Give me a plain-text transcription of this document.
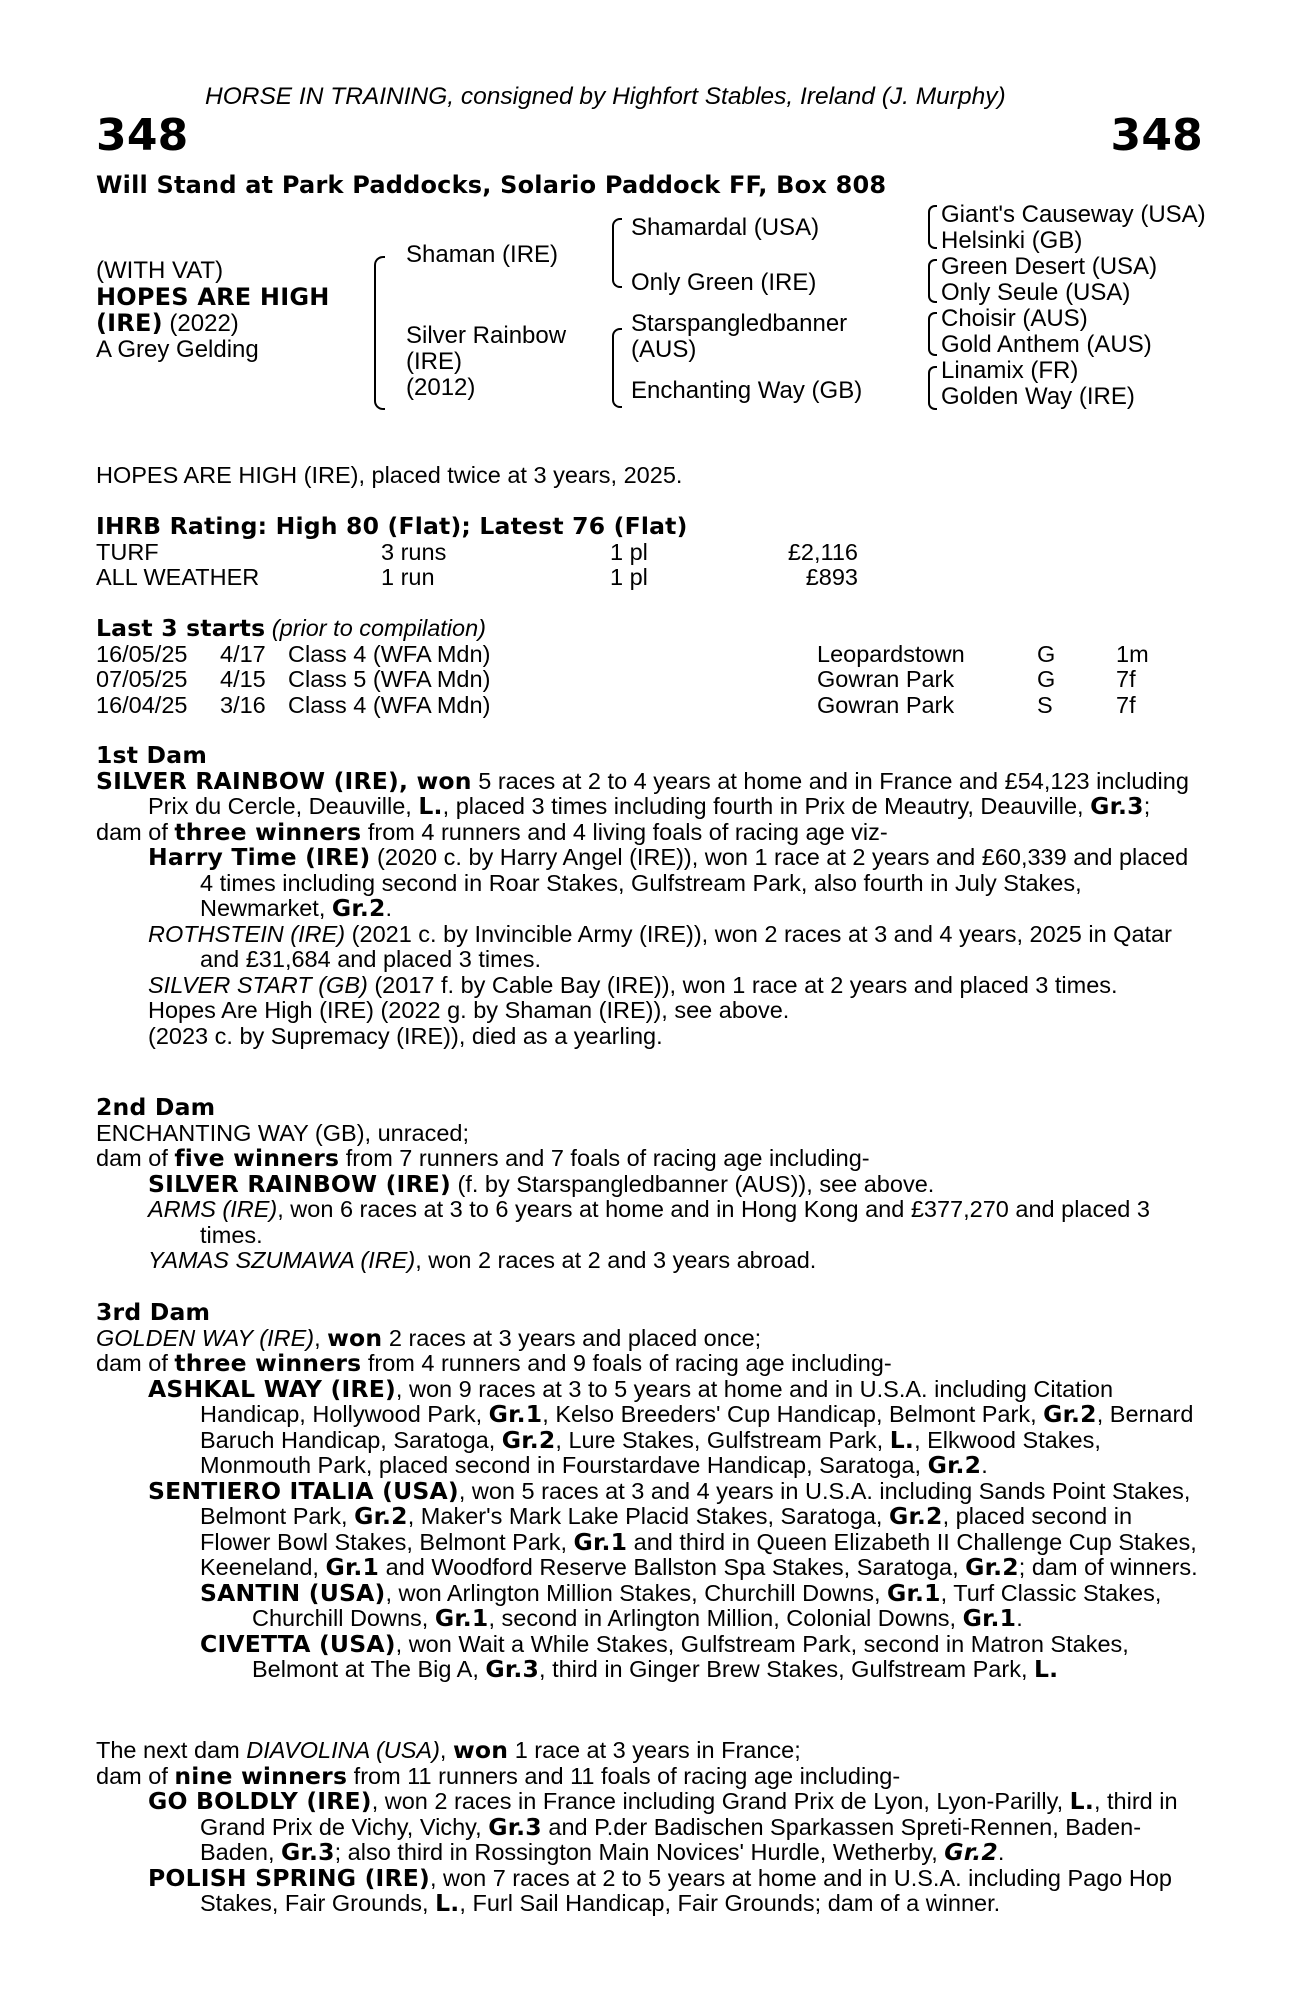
HORSE IN TRAINING, consigned by Highfort Stables, Ireland (J. Murphy)
348	348
Will Stand at Park Paddocks, Solario Paddock FF, Box 808
(WITH VAT)
HOPES ARE HIGH
(IRE) (2022)
A Grey Gelding
Shaman (IRE)
Silver Rainbow
(IRE)
(2012)
Shamardal (USA)
Only Green (IRE)
Starspangledbanner
(AUS)
Enchanting Way (GB)
Giant's Causeway (USA)
Helsinki (GB)
Green Desert (USA)
Only Seule (USA)
Choisir (AUS)
Gold Anthem (AUS)
Linamix (FR)
Golden Way (IRE)
HOPES ARE HIGH (IRE), placed twice at 3 years, 2025.
IHRB Rating: High 80 (Flat); Latest 76 (Flat)
TURF	3 runs	1 pl	£2,116
ALL WEATHER	1 run	1 pl	£893
Last 3 starts (prior to compilation)
16/05/25 4/17 Class 4 (WFA Mdn)	Leopardstown	G	1m
07/05/25 4/15 Class 5 (WFA Mdn)	Gowran Park	G	7f
16/04/25 3/16 Class 4 (WFA Mdn)	Gowran Park	S	7f
1st Dam
SILVER RAINBOW (IRE), won 5 races at 2 to 4 years at home and in France and £54,123 including Prix du Cercle, Deauville, L., placed 3 times including fourth in Prix de Meautry, Deauville, Gr.3;
dam of three winners from 4 runners and 4 living foals of racing age viz-
Harry Time (IRE) (2020 c. by Harry Angel (IRE)), won 1 race at 2 years and £60,339 and placed 4 times including second in Roar Stakes, Gulfstream Park, also fourth in July Stakes, Newmarket, Gr.2.
ROTHSTEIN (IRE) (2021 c. by Invincible Army (IRE)), won 2 races at 3 and 4 years, 2025 in Qatar and £31,684 and placed 3 times.
SILVER START (GB) (2017 f. by Cable Bay (IRE)), won 1 race at 2 years and placed 3 times.
Hopes Are High (IRE) (2022 g. by Shaman (IRE)), see above.
(2023 c. by Supremacy (IRE)), died as a yearling.
2nd Dam
ENCHANTING WAY (GB), unraced;
dam of five winners from 7 runners and 7 foals of racing age including-
SILVER RAINBOW (IRE) (f. by Starspangledbanner (AUS)), see above.
ARMS (IRE), won 6 races at 3 to 6 years at home and in Hong Kong and £377,270 and placed 3 times.
YAMAS SZUMAWA (IRE), won 2 races at 2 and 3 years abroad.
3rd Dam
GOLDEN WAY (IRE), won 2 races at 3 years and placed once;
dam of three winners from 4 runners and 9 foals of racing age including-
ASHKAL WAY (IRE), won 9 races at 3 to 5 years at home and in U.S.A. including Citation Handicap, Hollywood Park, Gr.1, Kelso Breeders' Cup Handicap, Belmont Park, Gr.2, Bernard Baruch Handicap, Saratoga, Gr.2, Lure Stakes, Gulfstream Park, L., Elkwood Stakes, Monmouth Park, placed second in Fourstardave Handicap, Saratoga, Gr.2.
SENTIERO ITALIA (USA), won 5 races at 3 and 4 years in U.S.A. including Sands Point Stakes, Belmont Park, Gr.2, Maker's Mark Lake Placid Stakes, Saratoga, Gr.2, placed second in Flower Bowl Stakes, Belmont Park, Gr.1 and third in Queen Elizabeth II Challenge Cup Stakes, Keeneland, Gr.1 and Woodford Reserve Ballston Spa Stakes, Saratoga, Gr.2; dam of winners.
SANTIN (USA), won Arlington Million Stakes, Churchill Downs, Gr.1, Turf Classic Stakes, Churchill Downs, Gr.1, second in Arlington Million, Colonial Downs, Gr.1.
CIVETTA (USA), won Wait a While Stakes, Gulfstream Park, second in Matron Stakes, Belmont at The Big A, Gr.3, third in Ginger Brew Stakes, Gulfstream Park, L.
The next dam DIAVOLINA (USA), won 1 race at 3 years in France;
dam of nine winners from 11 runners and 11 foals of racing age including-
GO BOLDLY (IRE), won 2 races in France including Grand Prix de Lyon, Lyon-Parilly, L., third in Grand Prix de Vichy, Vichy, Gr.3 and P.der Badischen Sparkassen Spreti-Rennen, Baden-Baden, Gr.3; also third in Rossington Main Novices' Hurdle, Wetherby, Gr.2.
POLISH SPRING (IRE), won 7 races at 2 to 5 years at home and in U.S.A. including Pago Hop Stakes, Fair Grounds, L., Furl Sail Handicap, Fair Grounds; dam of a winner.
